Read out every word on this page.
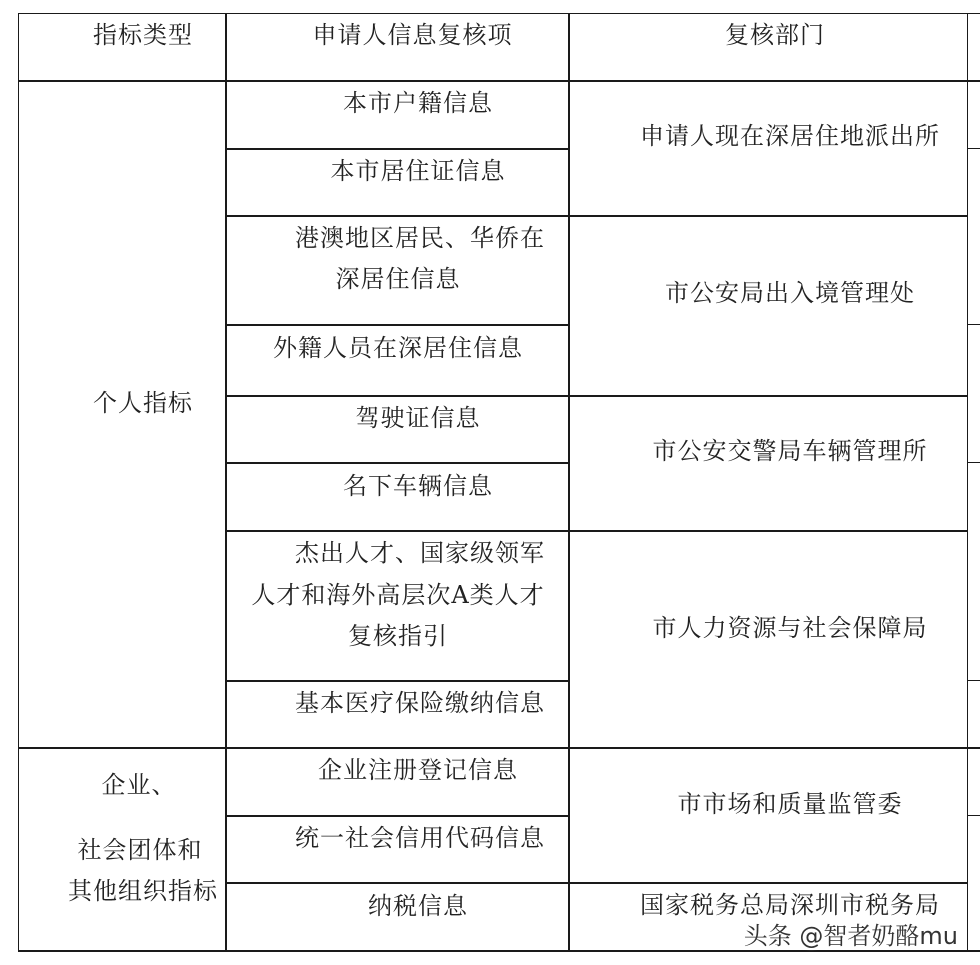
指标类型	申请人信息复核项	复核部门
个人指标
企业、
社会团体和
其他组织指标
本市户籍信息
本市居住证信息
港澳地区居民、华侨在
深居住信息
外籍人员在深居住信息
驾驶证信息
名下车辆信息
杰出人才、国家级领军
人才和海外高层次A类人才
复核指引
基本医疗保险缴纳信息
企业注册登记信息
统一社会信用代码信息
纳税信息
申请人现在深居住地派出所
市公安局出入境管理处
市公安交警局车辆管理所
市人力资源与社会保障局
市市场和质量监管委
国家税务总局深圳市税务局
头条 @智者奶酪mu
